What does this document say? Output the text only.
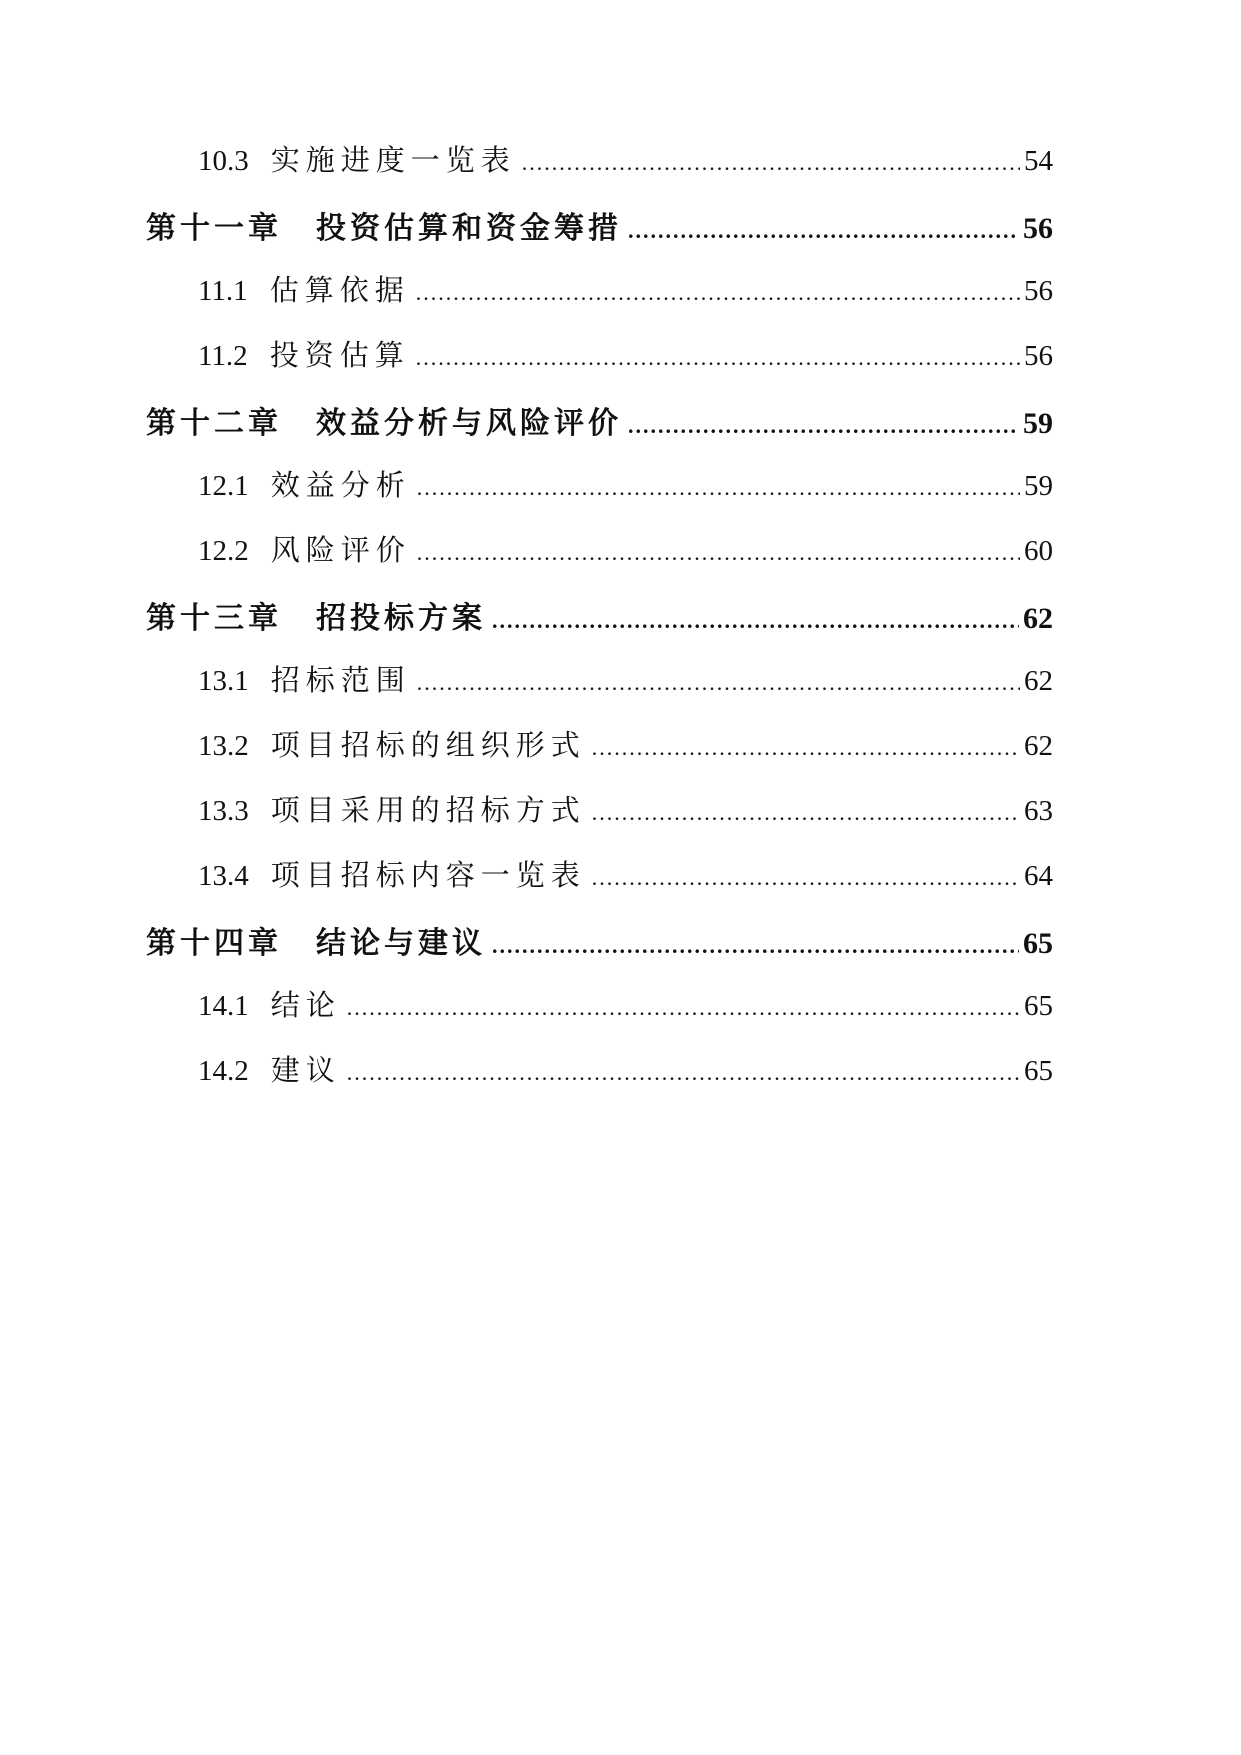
10.3 实施进度一览表 .....	54
第十一章 投资估算和资金筹措 .....	56
11.1 估算依据 .....	56
11.2 投资估算 .....	56
第十二章 效益分析与风险评价 .....	59
12.1 效益分析 .....	59
12.2 风险评价 .....	60
第十三章 招投标方案 .....	62
13.1 招标范围 .....	62
13.2 项目招标的组织形式 .....	62
13.3 项目采用的招标方式 .....	63
13.4 项目招标内容一览表 .....	64
第十四章 结论与建议 .....	65
14.1 结论 .....	65
14.2 建议 .....	65
